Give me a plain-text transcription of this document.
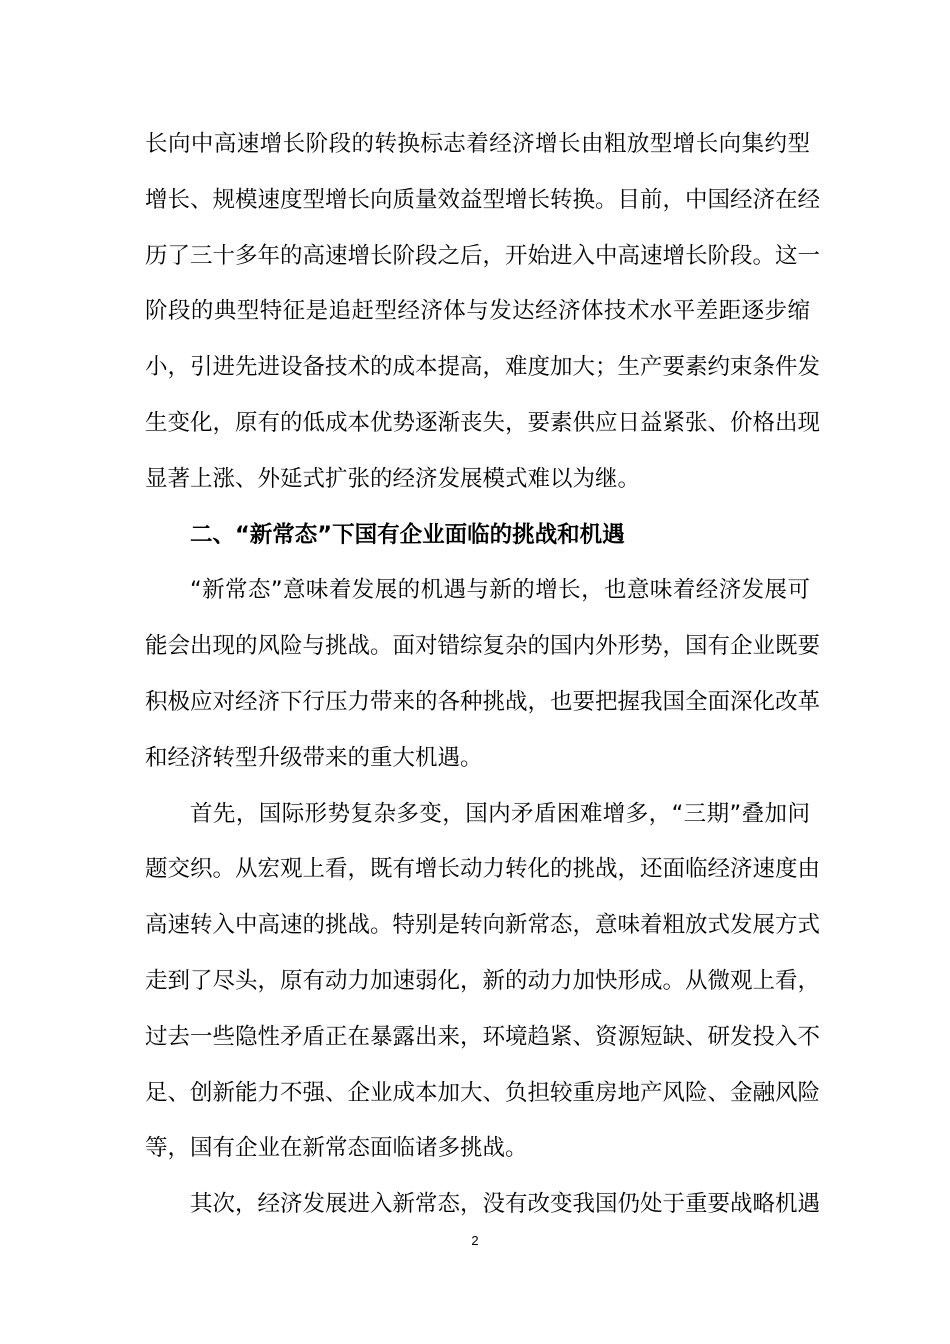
长向中高速增长阶段的转换标志着经济增长由粗放型增长向集约型
增长、规模速度型增长向质量效益型增长转换。目前，中国经济在经
历了三十多年的高速增长阶段之后，开始进入中高速增长阶段。这一
阶段的典型特征是追赶型经济体与发达经济体技术水平差距逐步缩
小，引进先进设备技术的成本提高，难度加大；生产要素约束条件发
生变化，原有的低成本优势逐渐丧失，要素供应日益紧张、价格出现
显著上涨、外延式扩张的经济发展模式难以为继。
二、“新常态”下国有企业面临的挑战和机遇
“新常态”意味着发展的机遇与新的增长，也意味着经济发展可
能会出现的风险与挑战。面对错综复杂的国内外形势，国有企业既要
积极应对经济下行压力带来的各种挑战，也要把握我国全面深化改革
和经济转型升级带来的重大机遇。
首先，国际形势复杂多变，国内矛盾困难增多，“三期”叠加问
题交织。从宏观上看，既有增长动力转化的挑战，还面临经济速度由
高速转入中高速的挑战。特别是转向新常态，意味着粗放式发展方式
走到了尽头，原有动力加速弱化，新的动力加快形成。从微观上看，
过去一些隐性矛盾正在暴露出来，环境趋紧、资源短缺、研发投入不
足、创新能力不强、企业成本加大、负担较重房地产风险、金融风险
等，国有企业在新常态面临诸多挑战。
其次，经济发展进入新常态，没有改变我国仍处于重要战略机遇
2
